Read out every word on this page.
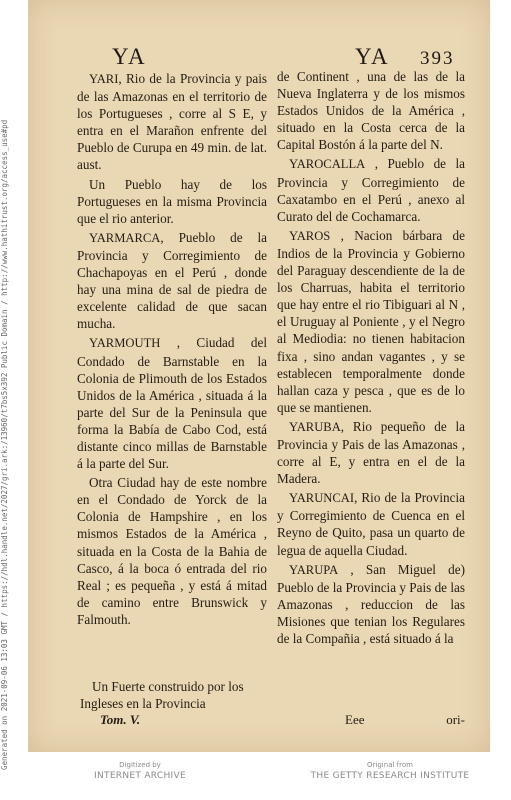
Generated on 2021-09-06 13:03 GMT / https://hdl.handle.net/2027/gri.ark:/13960/t7bs5x392 Public Domain / http://www.hathitrust.org/access_use#pd
YA	YA 393

YARI, Rio de la Provincia y pais de las Amazonas en el territorio de los Portugueses , corre al S E, y entra en el Marañon enfrente del Pueblo de Curupa en 49 min. de lat. aust.

Un Pueblo hay de los Portugueses en la misma Provincia que el rio anterior.

YARMARCA, Pueblo de la Provincia y Corregimiento de Chachapoyas en el Perú , donde hay una mina de sal de piedra de excelente calidad de que sacan mucha.

YARMOUTH , Ciudad del Condado de Barnstable en la Colonia de Plimouth de los Estados Unidos de la América , situada á la parte del Sur de la Peninsula que forma la Babía de Cabo Cod, está distante cinco millas de Barnstable á la parte del Sur.

Otra Ciudad hay de este nombre en el Condado de Yorck de la Colonia de Hampshire , en los mismos Estados de la América , situada en la Costa de la Bahia de Casco, á la boca ó entrada del rio Real ; es pequeña , y está á mitad de camino entre Brunswick y Falmouth.

de Continent , una de las de la Nueva Inglaterra y de los mismos Estados Unidos de la América , situado en la Costa cerca de la Capital Bostón á la parte del N.

YAROCALLA , Pueblo de la Provincia y Corregimiento de Caxatambo en el Perú , anexo al Curato del de Cochamarca.

YAROS , Nacion bárbara de Indios de la Provincia y Gobierno del Paraguay descendiente de la de los Charruas, habita el territorio que hay entre el rio Tibiguari al N , el Uruguay al Poniente , y el Negro al Mediodia: no tienen habitacion fixa , sino andan vagantes , y se establecen temporalmente donde hallan caza y pesca , que es de lo que se mantienen.

YARUBA, Rio pequeño de la Provincia y Pais de las Amazonas , corre al E, y entra en el de la Madera.

YARUNCAI, Rio de la Provincia y Corregimiento de Cuenca en el Reyno de Quito, pasa un quarto de legua de aquella Ciudad.

YARUPA , San Miguel de) Pueblo de la Provincia y Pais de las Amazonas , reduccion de las Misiones que tenian los Regulares de la Compañia , está situado á la

Un Fuerte construido por los Ingleses en la Provincia
Tom. V.	Eee	ori-
Digitized by
INTERNET ARCHIVE
Original from
THE GETTY RESEARCH INSTITUTE
